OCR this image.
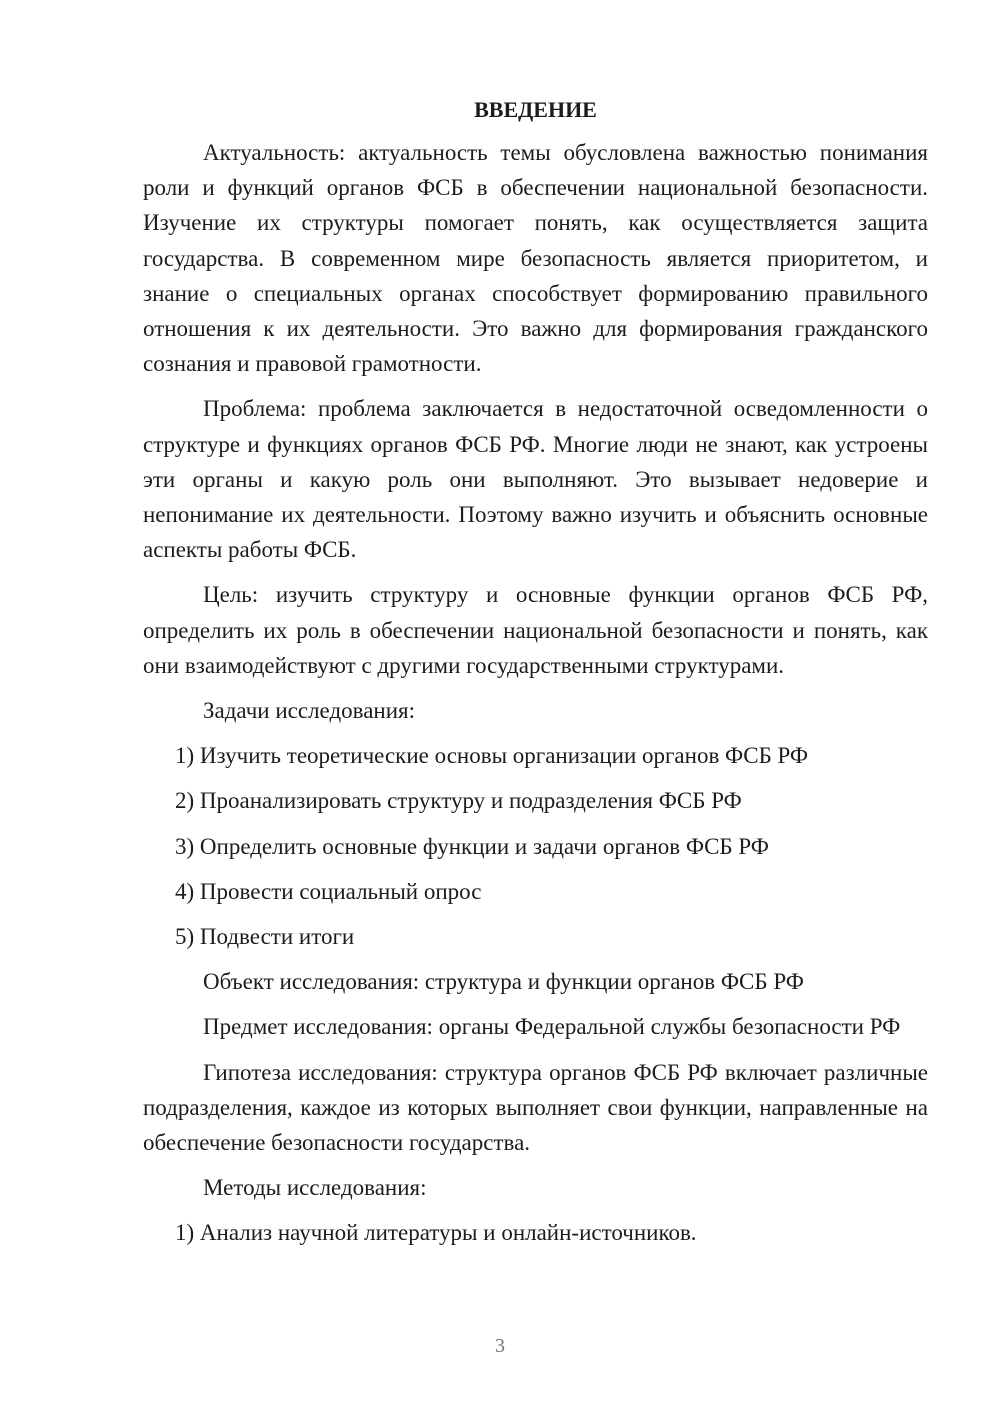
ВВЕДЕНИЕ

Актуальность: актуальность темы обусловлена важностью понимания роли и функций органов ФСБ в обеспечении национальной безопасности. Изучение их структуры помогает понять, как осуществляется защита государства. В современном мире безопасность является приоритетом, и знание о специальных органах способствует формированию правильного отношения к их деятельности. Это важно для формирования гражданского сознания и правовой грамотности.

Проблема: проблема заключается в недостаточной осведомленности о структуре и функциях органов ФСБ РФ. Многие люди не знают, как устроены эти органы и какую роль они выполняют. Это вызывает недоверие и непонимание их деятельности. Поэтому важно изучить и объяснить основные аспекты работы ФСБ.

Цель: изучить структуру и основные функции органов ФСБ РФ, определить их роль в обеспечении национальной безопасности и понять, как они взаимодействуют с другими государственными структурами.

Задачи исследования:
1) Изучить теоретические основы организации органов ФСБ РФ
2) Проанализировать структуру и подразделения ФСБ РФ
3) Определить основные функции и задачи органов ФСБ РФ
4) Провести социальный опрос
5) Подвести итоги
Объект исследования: структура и функции органов ФСБ РФ

Предмет исследования: органы Федеральной службы безопасности РФ

Гипотеза исследования: структура органов ФСБ РФ включает различные подразделения, каждое из которых выполняет свои функции, направленные на обеспечение безопасности государства.

Методы исследования:
1) Анализ научной литературы и онлайн-источников.
3
